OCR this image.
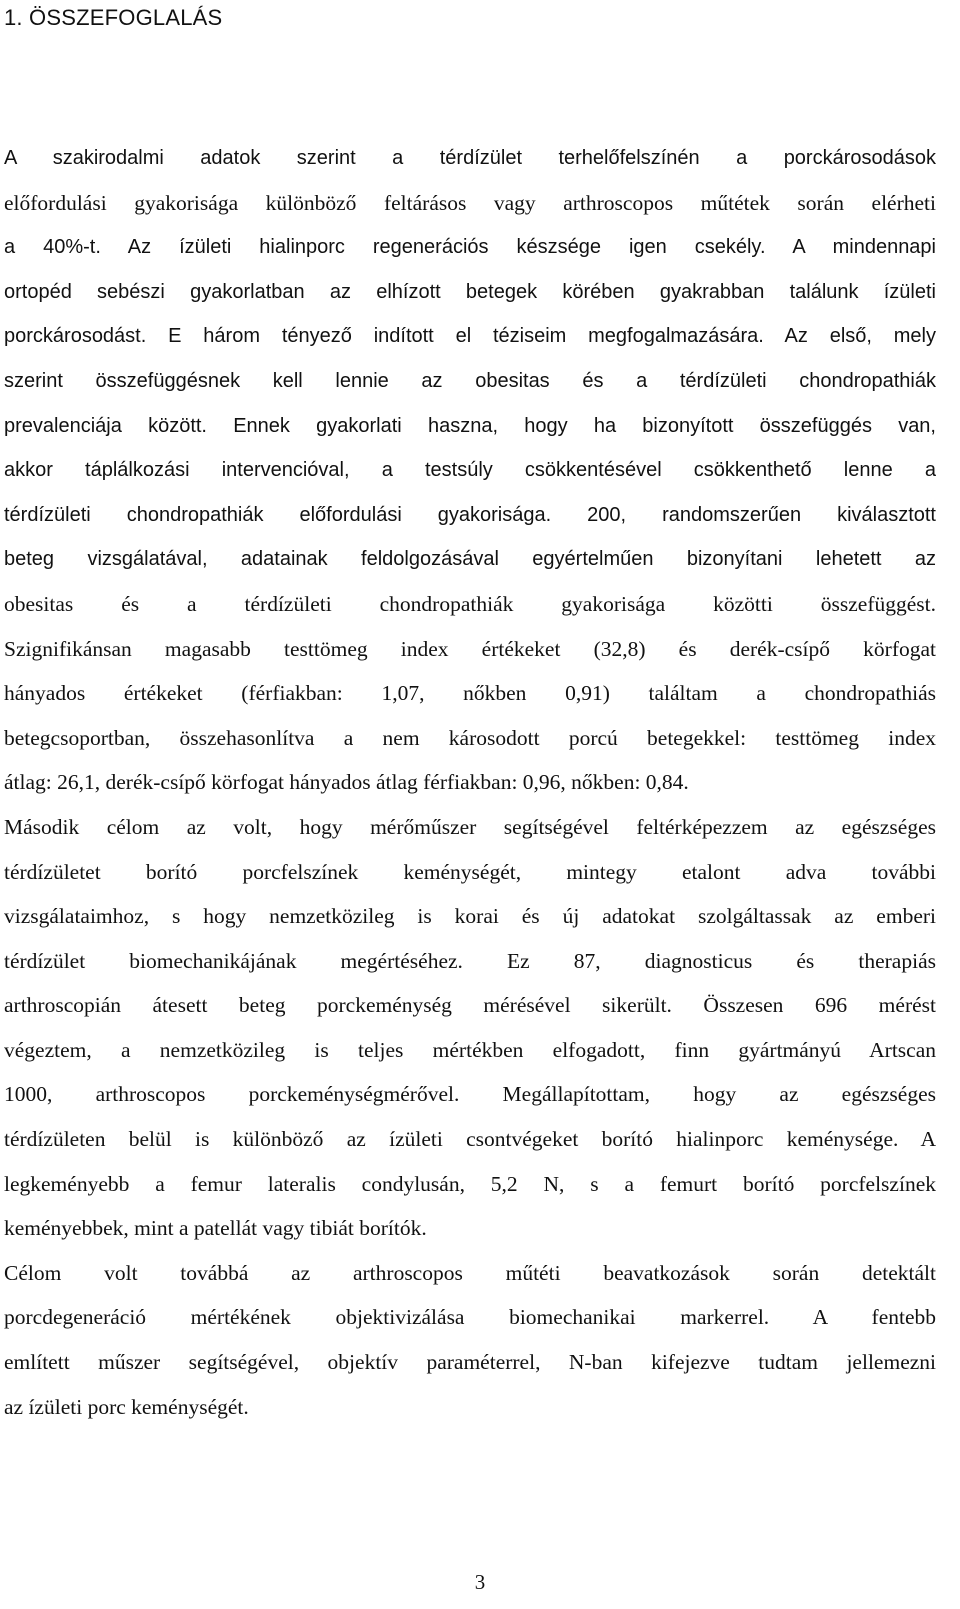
1. ÖSSZEFOGLALÁS
A szakirodalmi adatok szerint a térdízület terhelőfelszínén a porckárosodások
előfordulási gyakorisága különböző feltárásos vagy arthroscopos műtétek során elérheti
a 40%-t. Az ízületi hialinporc regenerációs készsége igen csekély. A mindennapi
ortopéd sebészi gyakorlatban az elhízott betegek körében gyakrabban találunk ízületi
porckárosodást. E három tényező indított el téziseim megfogalmazására. Az első, mely
szerint összefüggésnek kell lennie az obesitas és a térdízületi chondropathiák
prevalenciája között. Ennek gyakorlati haszna, hogy ha bizonyított összefüggés van,
akkor táplálkozási intervencióval, a testsúly csökkentésével csökkenthető lenne a
térdízületi chondropathiák előfordulási gyakorisága. 200, randomszerűen kiválasztott
beteg vizsgálatával, adatainak feldolgozásával egyértelműen bizonyítani lehetett az
obesitas és a térdízületi chondropathiák gyakorisága közötti összefüggést.
Szignifikánsan magasabb testtömeg index értékeket (32,8) és derék-csípő körfogat
hányados értékeket (férfiakban: 1,07, nőkben 0,91) találtam a chondropathiás
betegcsoportban, összehasonlítva a nem károsodott porcú betegekkel: testtömeg index
átlag: 26,1, derék-csípő körfogat hányados átlag férfiakban: 0,96, nőkben: 0,84.
Második célom az volt, hogy mérőműszer segítségével feltérképezzem az egészséges
térdízületet borító porcfelszínek keménységét, mintegy etalont adva további
vizsgálataimhoz, s hogy nemzetközileg is korai és új adatokat szolgáltassak az emberi
térdízület biomechanikájának megértéséhez. Ez 87, diagnosticus és therapiás
arthroscopián átesett beteg porckeménység mérésével sikerült. Összesen 696 mérést
végeztem, a nemzetközileg is teljes mértékben elfogadott, finn gyártmányú Artscan
1000, arthroscopos porckeménységmérővel. Megállapítottam, hogy az egészséges
térdízületen belül is különböző az ízületi csontvégeket borító hialinporc keménysége. A
legkeményebb a femur lateralis condylusán, 5,2 N, s a femurt borító porcfelszínek
keményebbek, mint a patellát vagy tibiát borítók.
Célom volt továbbá az arthroscopos műtéti beavatkozások során detektált
porcdegeneráció mértékének objektivizálása biomechanikai markerrel. A fentebb
említett műszer segítségével, objektív paraméterrel, N-ban kifejezve tudtam jellemezni
az ízületi porc keménységét.
3
